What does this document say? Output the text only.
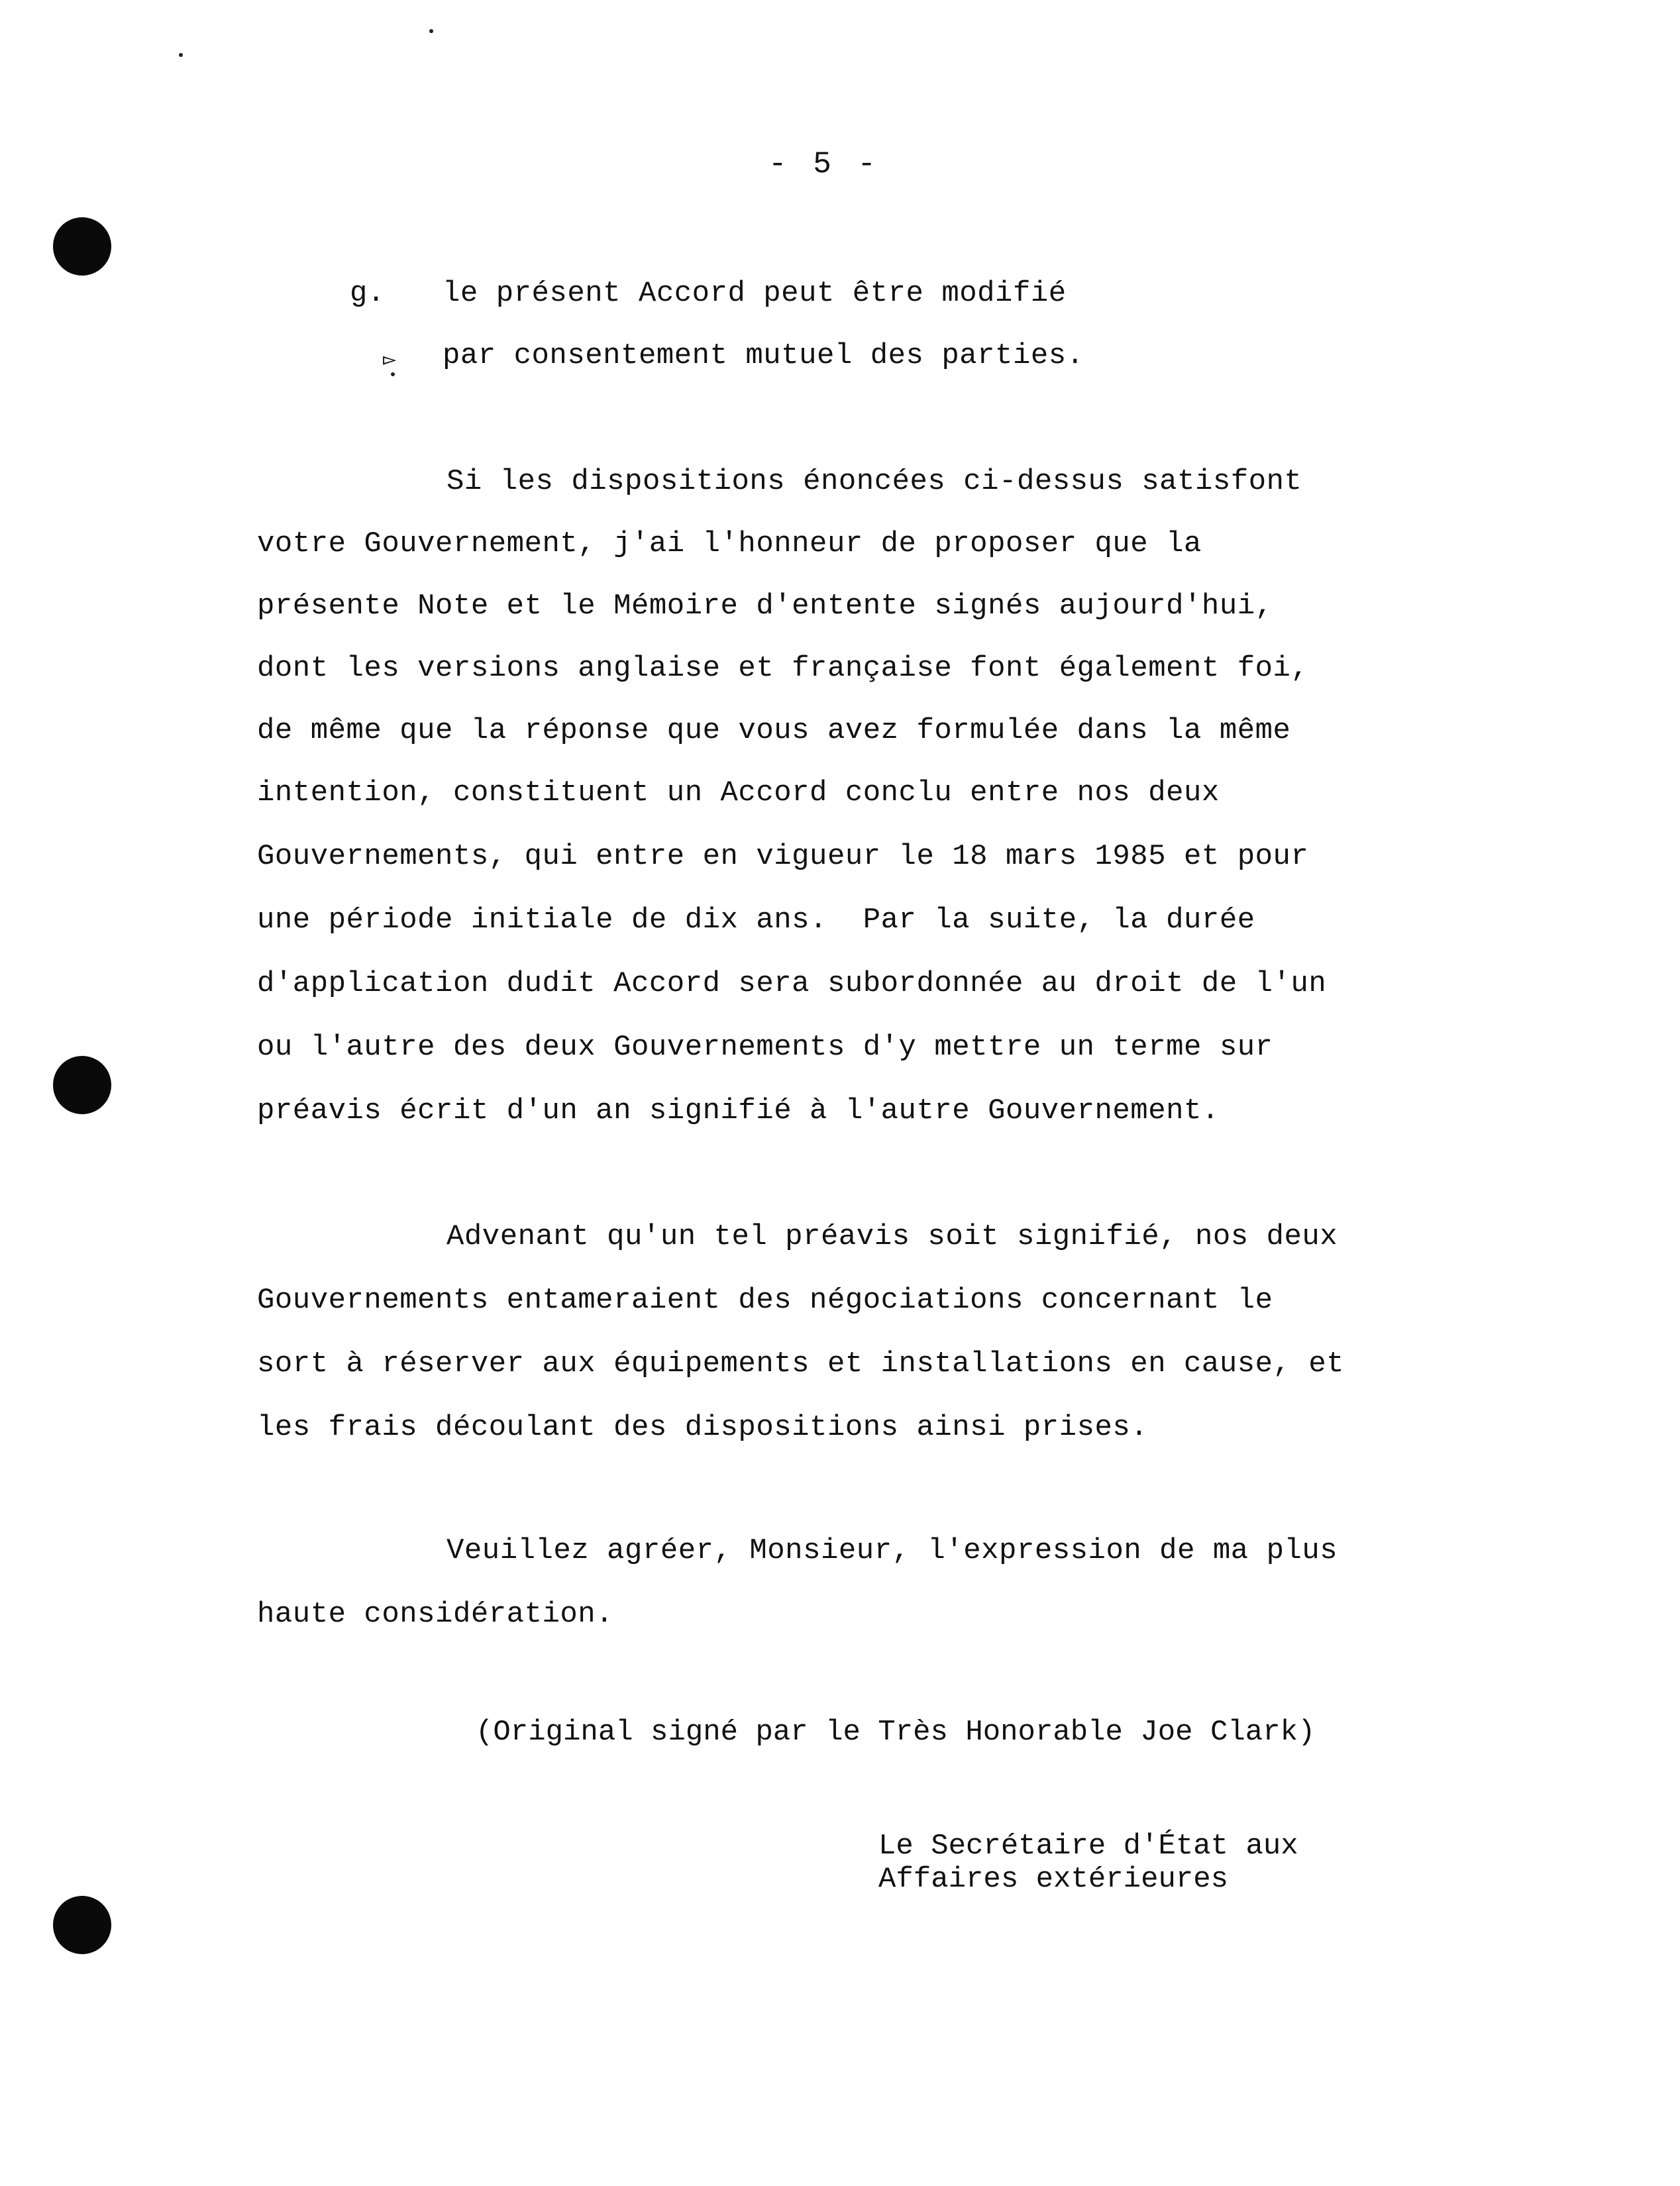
- 5 -
g.
▻
le présent Accord peut être modifié
par consentement mutuel des parties.
Si les dispositions énoncées ci-dessus satisfont
votre Gouvernement, j'ai l'honneur de proposer que la
présente Note et le Mémoire d'entente signés aujourd'hui,
dont les versions anglaise et française font également foi,
de même que la réponse que vous avez formulée dans la même
intention, constituent un Accord conclu entre nos deux
Gouvernements, qui entre en vigueur le 18 mars 1985 et pour
une période initiale de dix ans.  Par la suite, la durée
d'application dudit Accord sera subordonnée au droit de l'un
ou l'autre des deux Gouvernements d'y mettre un terme sur
préavis écrit d'un an signifié à l'autre Gouvernement.
Advenant qu'un tel préavis soit signifié, nos deux
Gouvernements entameraient des négociations concernant le
sort à réserver aux équipements et installations en cause, et
les frais découlant des dispositions ainsi prises.
Veuillez agréer, Monsieur, l'expression de ma plus
haute considération.
(Original signé par le Très Honorable Joe Clark)
Le Secrétaire d'État aux
Affaires extérieures
